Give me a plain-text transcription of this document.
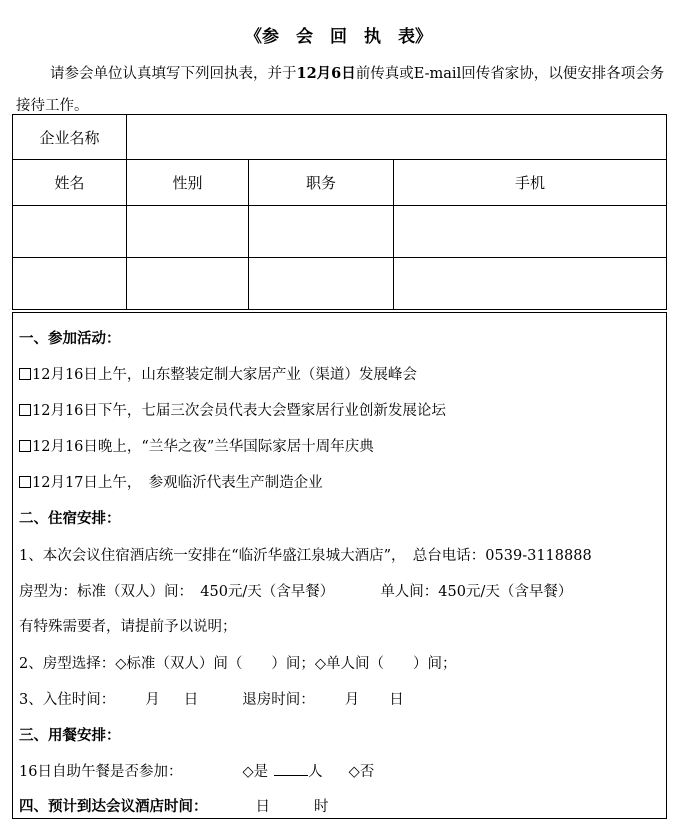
《参　会　回　执　表》
请参会单位认真填写下列回执表，并于12月6日前传真或E-mail回传省家协，以便安排各项会务接待工作。
企业名称			
姓名	性别	职务	手机

一、参加活动：
12月16日上午，山东整装定制大家居产业（渠道）发展峰会
12月16日下午，七届三次会员代表大会暨家居行业创新发展论坛
12月16日晚上，“兰华之夜”兰华国际家居十周年庆典
12月17日上午，　参观临沂代表生产制造企业
二、住宿安排：
1、本次会议住宿酒店统一安排在“临沂华盛江泉城大酒店”，　总台电话：0539-3118888
房型为：标准（双人）间：　450元/天（含早餐）	单人间：450元/天（含早餐）
有特殊需要者，请提前予以说明；
2、房型选择：◇标准（双人）间（　　）间；◇单人间（　　）间；
3、入住时间： 月 日	退房时间： 月 日
三、用餐安排：
16日自助午餐是否参加：	◇是	人 ◇否
四、预计到达会议酒店时间：	日	时
